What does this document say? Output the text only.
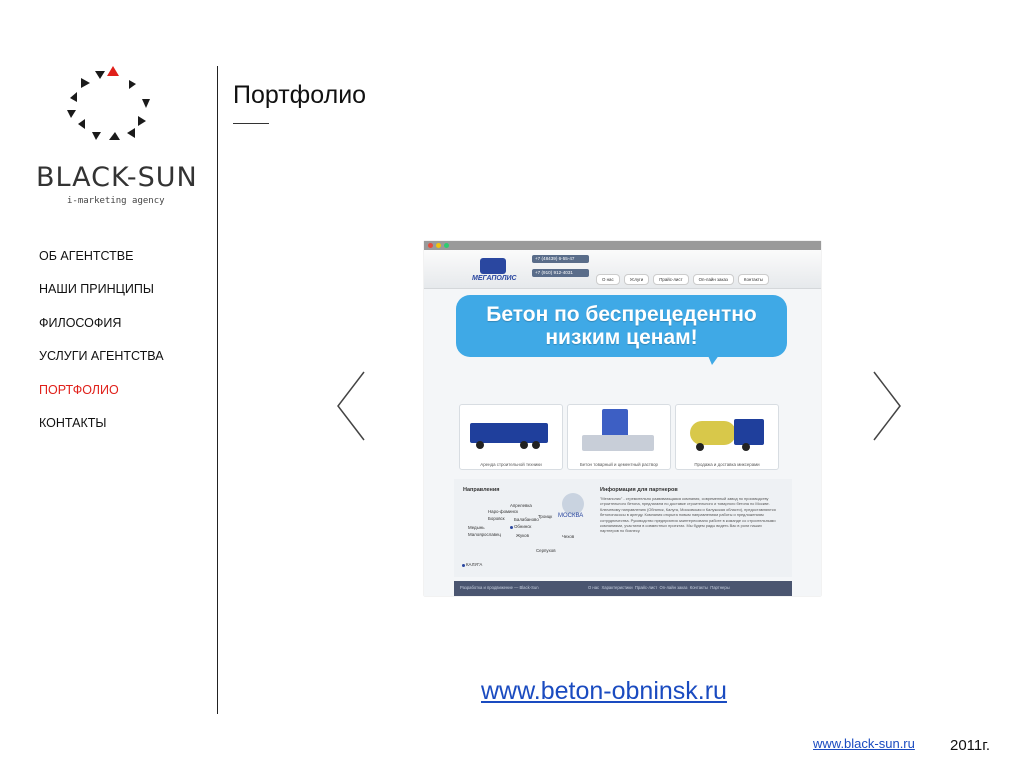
BLACK-SUN
i-marketing agency
ОБ АГЕНТСТВЕ
НАШИ ПРИНЦИПЫ
ФИЛОСОФИЯ
УСЛУГИ АГЕНТСТВА
ПОРТФОЛИО
КОНТАКТЫ
Портфолио
МЕГАПОЛИС
+7 (48439) 6-55-47
+7 (910) 912-4031
О нас	Услуги	Прайс-лист	On-лайн заказ	Контакты
Бетон по беспрецедентно низким ценам!
Аренда строительной техники	Бетон товарный и цементный раствор	Продажа и доставка миксерами
Направления
Апрелевка
Наро-фоминск
Боровск Балабаново
Троицк МОСКВА
Обнинск
Медынь
Малоярославец	Жуков	Чехов
Серпухов
КАЛУГА
Информация для партнеров
"Мегаполис" - стремительно развивающаяся компания, современный завод по производству строительного бетона, предлагаем по доставке строительного и товарного бетона по Москве. Ключевому направлению (Обнинск, Калуга, Московская и Калужская области), предоставляются бетононасосы в аренду. Компания открыта новым направлениям работы и предложениям сотрудничества. Руководство предприятия заинтересовано работе в команде со строительными компаниями, участием в совместных проектах. Мы будем рады видеть Вас в роли наших партнеров по бизнесу.
Разработка и продвижение — Black-Sun	О нас Характеристики Прайс-лист On-лайн заказ Контакты Партнеры
www.beton-obninsk.ru
www.black-sun.ru 2011г.
